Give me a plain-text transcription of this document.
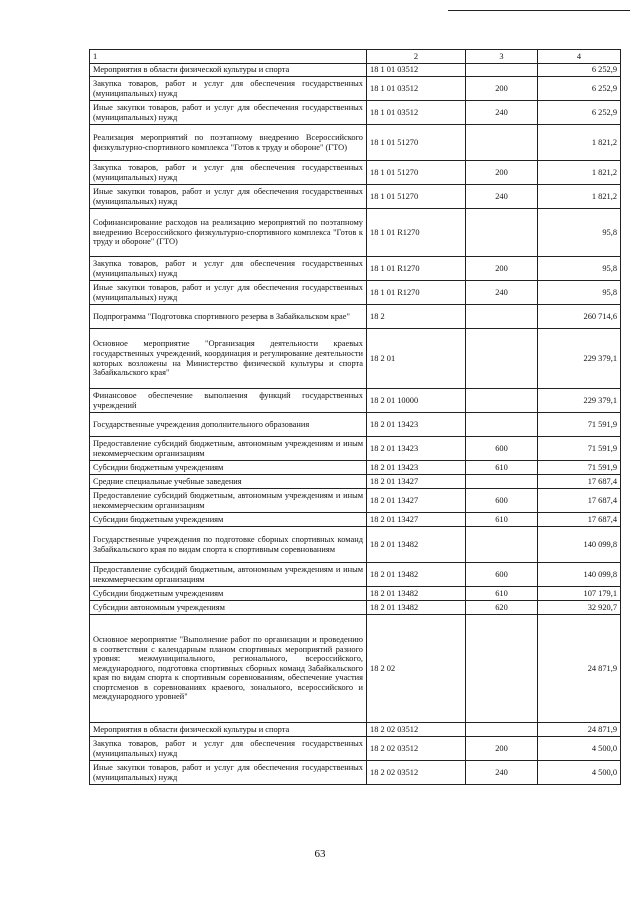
1	2	3	4
Мероприятия в области физической культуры и спорта	18 1 01 03512		6 252,9
Закупка товаров, работ и услуг для обеспечения государственных (муниципальных) нужд	18 1 01 03512	200	6 252,9
Иные закупки товаров, работ и услуг для обеспечения государственных (муниципальных) нужд	18 1 01 03512	240	6 252,9
Реализация мероприятий по поэтапному внедрению Всероссийского физкультурно-спортивного комплекса "Готов к труду и обороне" (ГТО)	18 1 01 51270		1 821,2
Закупка товаров, работ и услуг для обеспечения государственных (муниципальных) нужд	18 1 01 51270	200	1 821,2
Иные закупки товаров, работ и услуг для обеспечения государственных (муниципальных) нужд	18 1 01 51270	240	1 821,2
Софинансирование расходов на реализацию мероприятий по поэтапному внедрению Всероссийского физкультурно-спортивного комплекса "Готов к труду и обороне" (ГТО)	18 1 01 R1270		95,8
Закупка товаров, работ и услуг для обеспечения государственных (муниципальных) нужд	18 1 01 R1270	200	95,8
Иные закупки товаров, работ и услуг для обеспечения государственных (муниципальных) нужд	18 1 01 R1270	240	95,8
Подпрограмма "Подготовка спортивного резерва в Забайкальском крае"	18 2		260 714,6
Основное мероприятие "Организация деятельности краевых государственных учреждений, координация и регулирование деятельности которых возложены на Министерство физической культуры и спорта Забайкальского края"	18 2 01		229 379,1
Финансовое обеспечение выполнения функций государственных учреждений	18 2 01 10000		229 379,1
Государственные учреждения дополнительного образования	18 2 01 13423		71 591,9
Предоставление субсидий бюджетным, автономным учреждениям и иным некоммерческим организациям	18 2 01 13423	600	71 591,9
Субсидии бюджетным учреждениям	18 2 01 13423	610	71 591,9
Средние специальные учебные заведения	18 2 01 13427		17 687,4
Предоставление субсидий бюджетным, автономным учреждениям и иным некоммерческим организациям	18 2 01 13427	600	17 687,4
Субсидии бюджетным учреждениям	18 2 01 13427	610	17 687,4
Государственные учреждения по подготовке сборных спортивных команд Забайкальского края по видам спорта к спортивным соревнованиям	18 2 01 13482		140 099,8
Предоставление субсидий бюджетным, автономным учреждениям и иным некоммерческим организациям	18 2 01 13482	600	140 099,8
Субсидии бюджетным учреждениям	18 2 01 13482	610	107 179,1
Субсидии автономным учреждениям	18 2 01 13482	620	32 920,7
Основное мероприятие "Выполнение работ по организации и проведению в соответствии с календарным планом спортивных мероприятий разного уровня: межмуниципального, регионального, всероссийского, международного, подготовка спортивных сборных команд Забайкальского края по видам спорта к спортивным соревнованиям, обеспечение участия спортсменов в соревнованиях краевого, зонального, всероссийского и международного уровней"	18 2 02		24 871,9
Мероприятия в области физической культуры и спорта	18 2 02 03512		24 871,9
Закупка товаров, работ и услуг для обеспечения государственных (муниципальных) нужд	18 2 02 03512	200	4 500,0
Иные закупки товаров, работ и услуг для обеспечения государственных (муниципальных) нужд	18 2 02 03512	240	4 500,0
63
